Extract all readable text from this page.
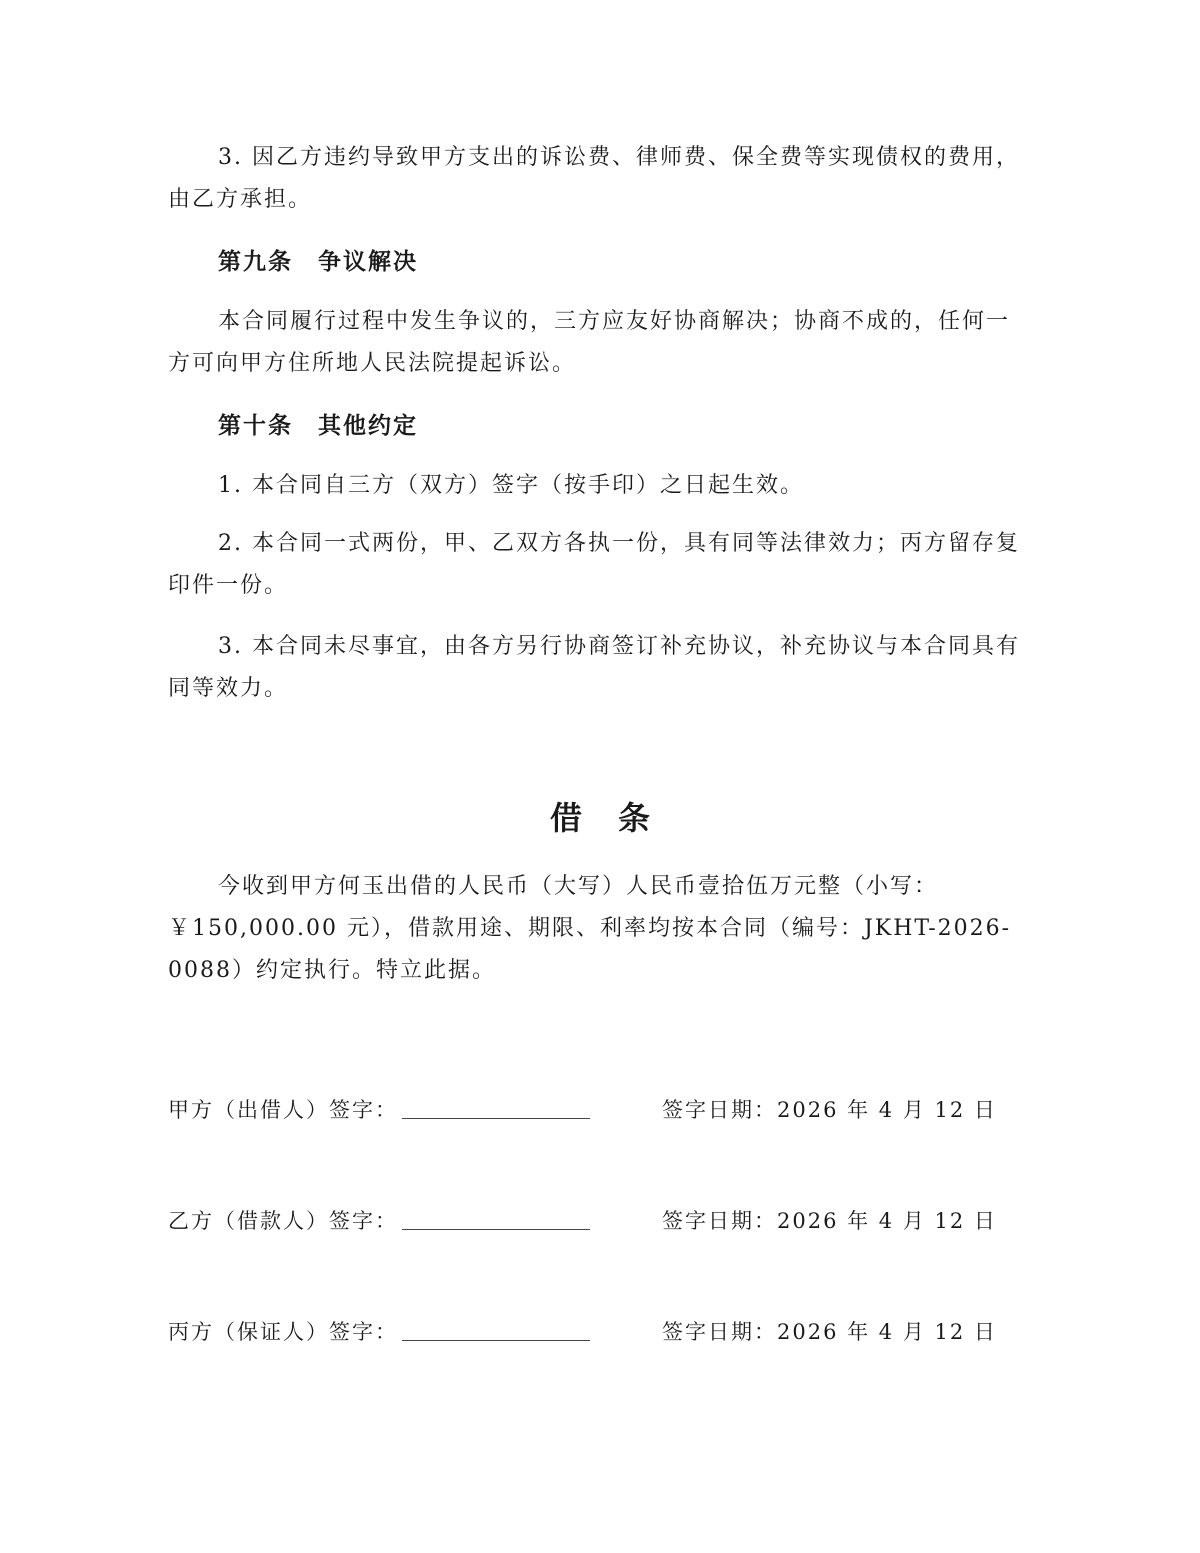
3. 因乙方违约导致甲方支出的诉讼费、律师费、保全费等实现债权的费用，由乙方承担。

第九条　争议解决

本合同履行过程中发生争议的，三方应友好协商解决；协商不成的，任何一方可向甲方住所地人民法院提起诉讼。

第十条　其他约定

1. 本合同自三方（双方）签字（按手印）之日起生效。

2. 本合同一式两份，甲、乙双方各执一份，具有同等法律效力；丙方留存复印件一份。

3. 本合同未尽事宜，由各方另行协商签订补充协议，补充协议与本合同具有同等效力。

借条

今收到甲方何玉出借的人民币（大写）人民币壹拾伍万元整（小写：￥150,000.00 元），借款用途、期限、利率均按本合同（编号：JKHT-2026-0088）约定执行。特立此据。

甲方（出借人）签字：	签字日期：2026 年 4 月 12 日
乙方（借款人）签字：	签字日期：2026 年 4 月 12 日
丙方（保证人）签字：	签字日期：2026 年 4 月 12 日
